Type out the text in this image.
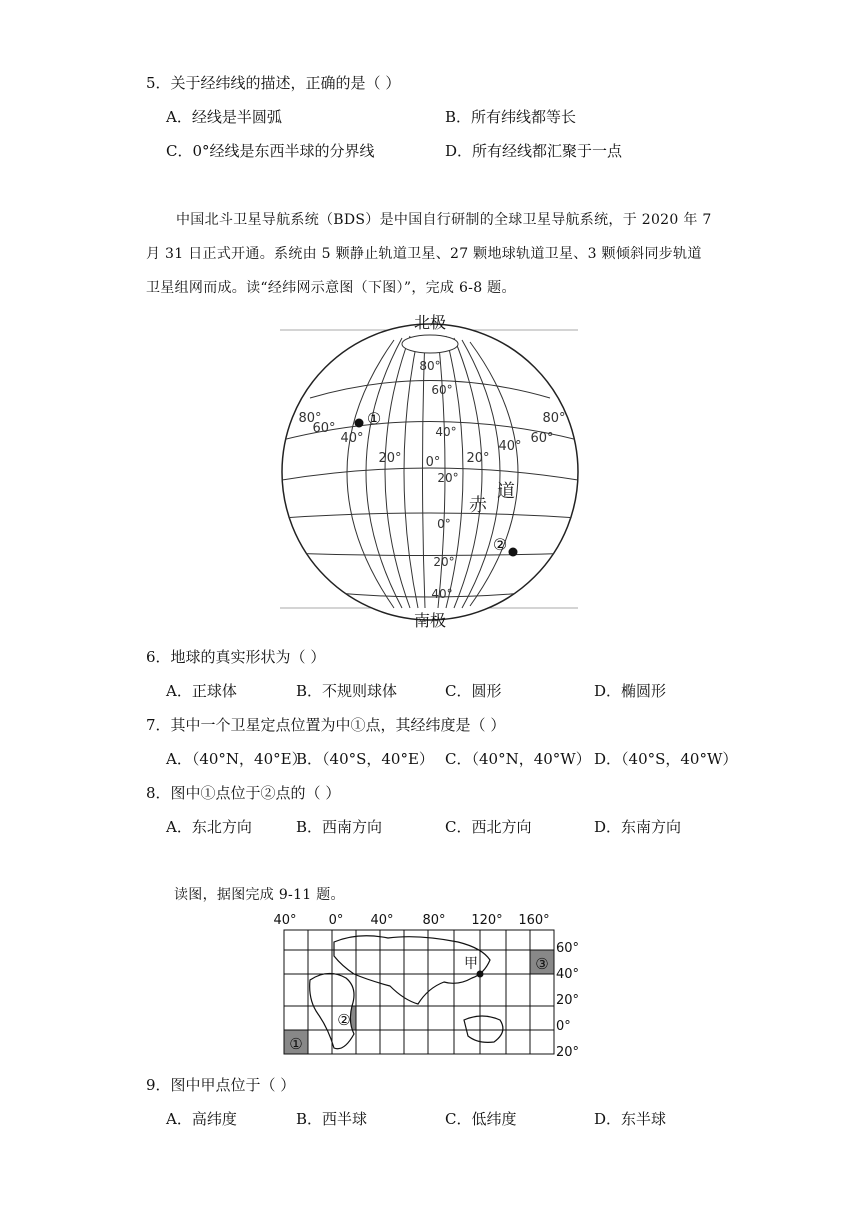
5．关于经纬线的描述，正确的是（ ）
A．经线是半圆弧	B．所有纬线都等长
C．0°经线是东西半球的分界线	D．所有经线都汇聚于一点
中国北斗卫星导航系统（BDS）是中国自行研制的全球卫星导航系统，于 2020 年 7
月 31 日正式开通。系统由 5 颗静止轨道卫星、27 颗地球轨道卫星、3 颗倾斜同步轨道
卫星组网而成。读“经纬网示意图（下图）”，完成 6-8 题。
北极
南极
80°
60°
40°
20°
0°
20°
40°
80°
60°
40°
20° 0° 20°
40°
60°
80°
①
②
道
赤
6．地球的真实形状为（ ）
A．正球体	B．不规则球体	C．圆形	D．椭圆形
7．其中一个卫星定点位置为中①点，其经纬度是（ ）
A．（40°N，40°E）
B．（40°S，40°E） C．（40°N，40°W） D．（40°S，40°W）
8．图中①点位于②点的（ ）
A．东北方向	B．西南方向	C．西北方向	D．东南方向
读图，据图完成 9-11 题。
40° 0° 40° 80° 120° 160°
60°
40°
20°
0°
20°
甲
①
②
③
9．图中甲点位于（ ）
A．高纬度	B．西半球	C．低纬度	D．东半球
